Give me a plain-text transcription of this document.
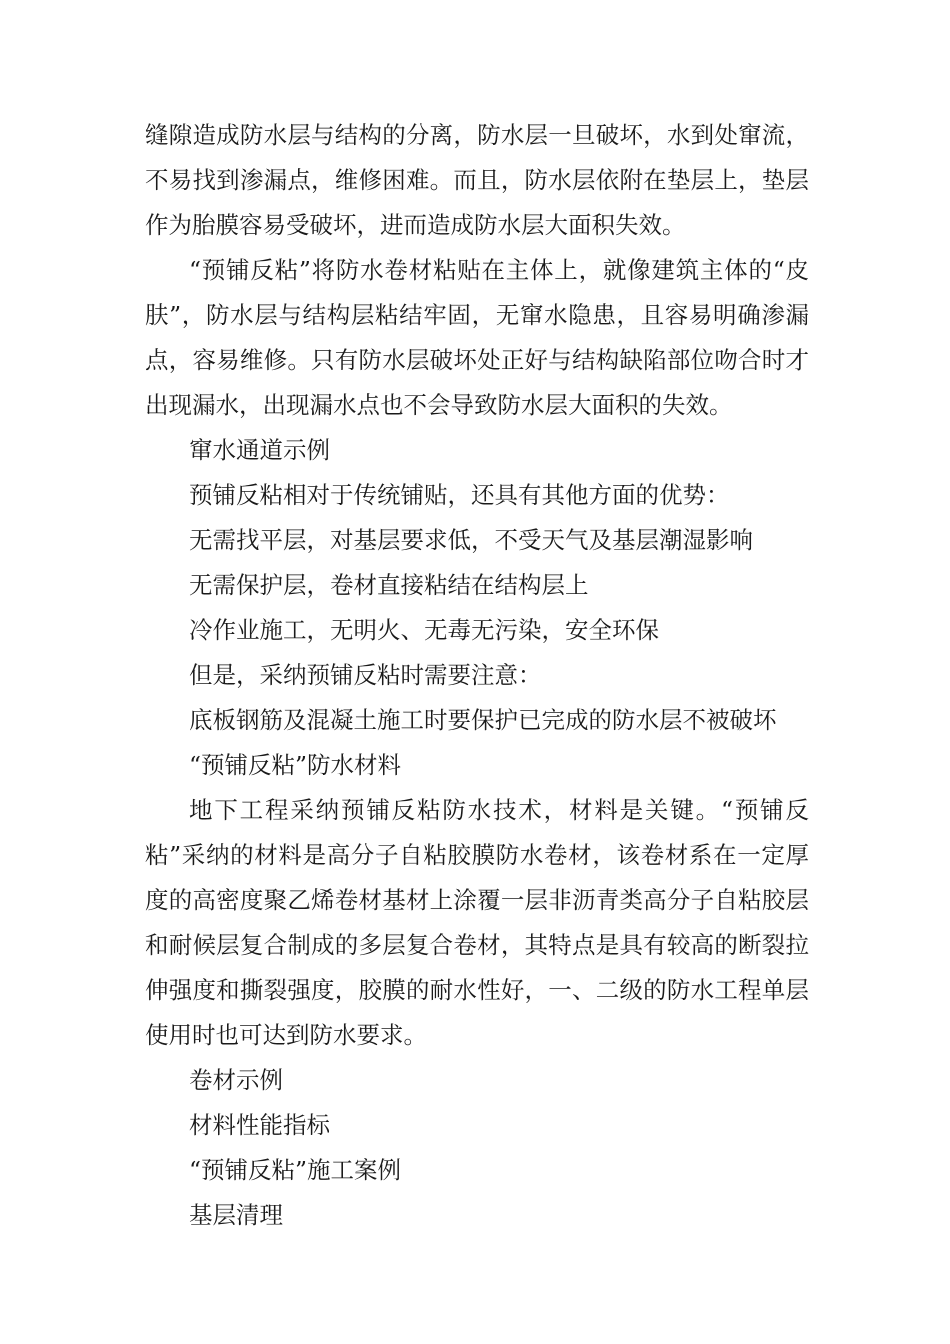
缝隙造成防水层与结构的分离，防水层一旦破坏，水到处窜流，不易找到渗漏点，维修困难。而且，防水层依附在垫层上，垫层作为胎膜容易受破坏，进而造成防水层大面积失效。

“预铺反粘”将防水卷材粘贴在主体上，就像建筑主体的“皮肤”，防水层与结构层粘结牢固，无窜水隐患，且容易明确渗漏点，容易维修。只有防水层破坏处正好与结构缺陷部位吻合时才出现漏水，出现漏水点也不会导致防水层大面积的失效。

窜水通道示例

预铺反粘相对于传统铺贴，还具有其他方面的优势：

无需找平层，对基层要求低，不受天气及基层潮湿影响

无需保护层，卷材直接粘结在结构层上

冷作业施工，无明火、无毒无污染，安全环保

但是，采纳预铺反粘时需要注意：

底板钢筋及混凝土施工时要保护已完成的防水层不被破坏

“预铺反粘”防水材料

地下工程采纳预铺反粘防水技术，材料是关键。“预铺反粘”采纳的材料是高分子自粘胶膜防水卷材，该卷材系在一定厚度的高密度聚乙烯卷材基材上涂覆一层非沥青类高分子自粘胶层和耐候层复合制成的多层复合卷材，其特点是具有较高的断裂拉伸强度和撕裂强度，胶膜的耐水性好，一、二级的防水工程单层使用时也可达到防水要求。

卷材示例

材料性能指标

“预铺反粘”施工案例

基层清理
